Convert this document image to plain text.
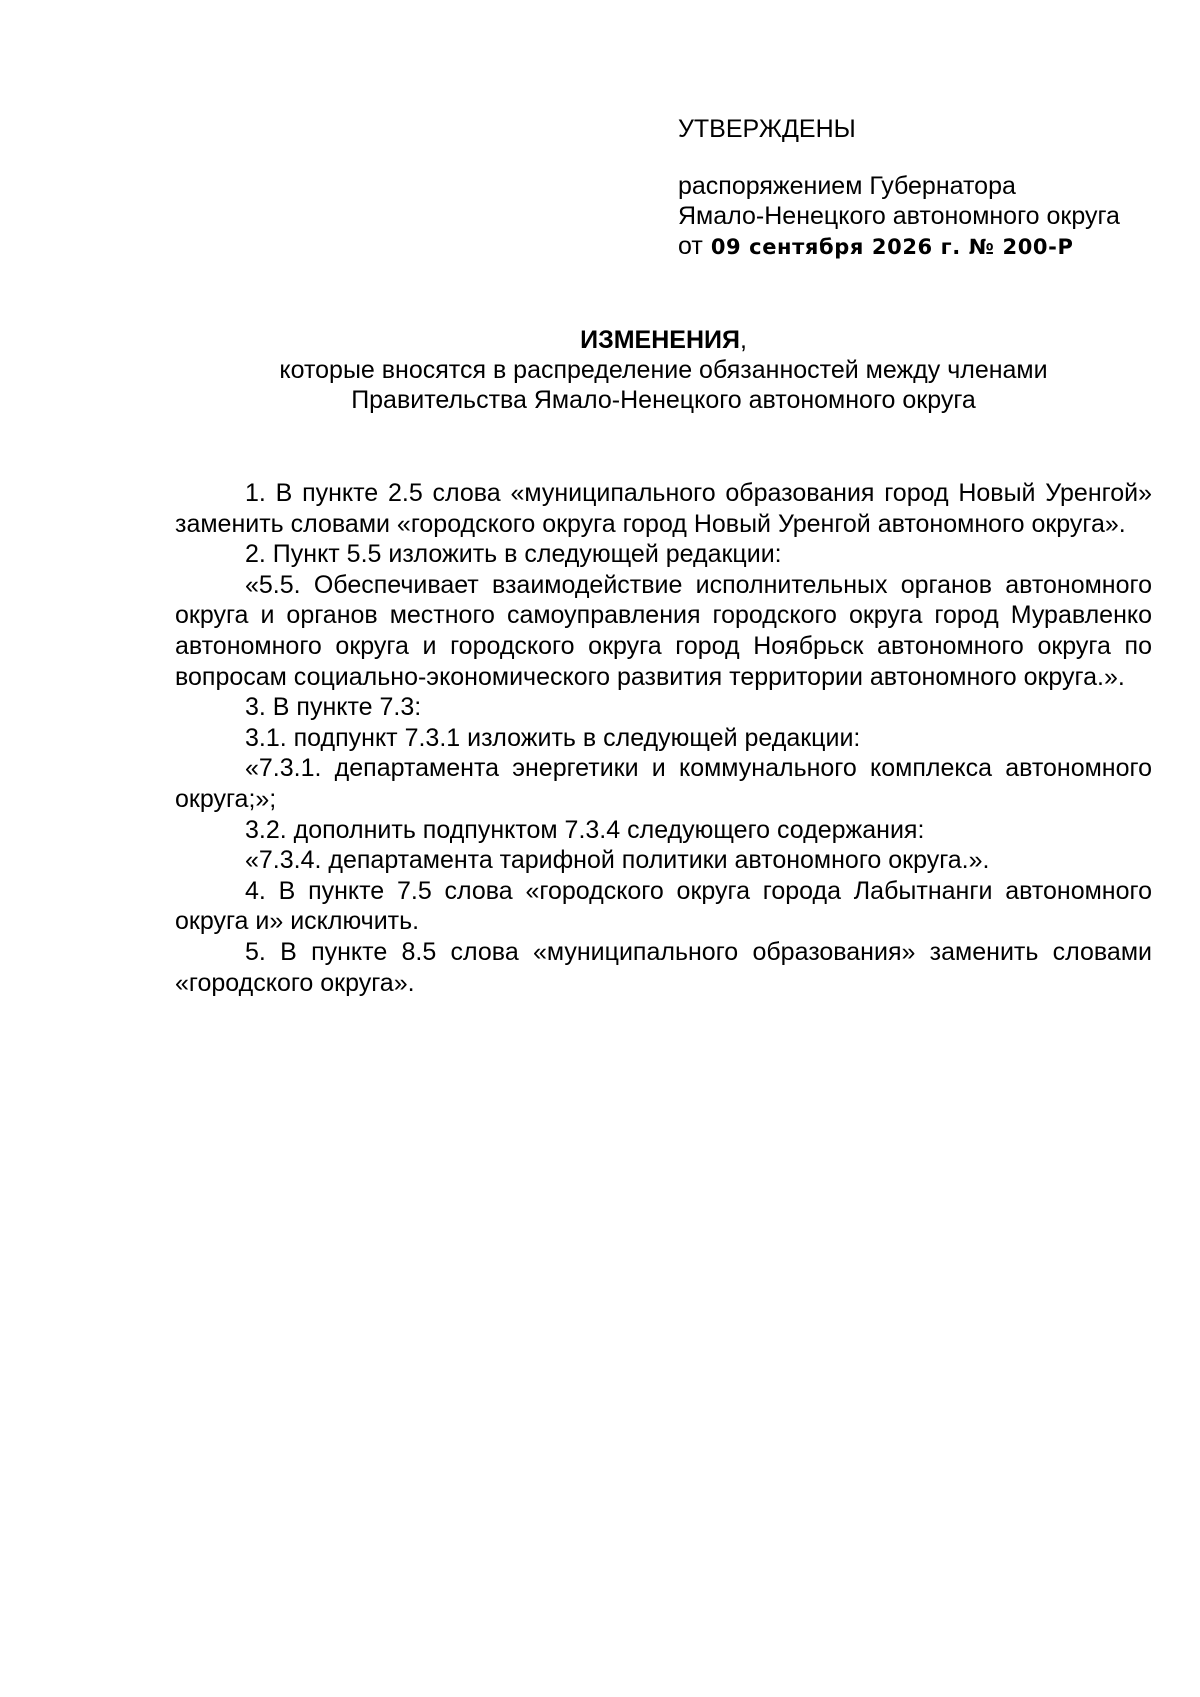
УТВЕРЖДЕНЫ
распоряжением Губернатора
Ямало-Ненецкого автономного округа
от 09 сентября 2026 г. № 200-Р
ИЗМЕНЕНИЯ,
которые вносятся в распределение обязанностей между членами
Правительства Ямало-Ненецкого автономного округа

1. В пункте 2.5 слова «муниципального образования город Новый Уренгой» заменить словами «городского округа город Новый Уренгой автономного округа».

2. Пункт 5.5 изложить в следующей редакции:

«5.5. Обеспечивает взаимодействие исполнительных органов автономного округа и органов местного самоуправления городского округа город Муравленко автономного округа и городского округа город Ноябрьск автономного округа по вопросам социально-экономического развития территории автономного округа.».

3. В пункте 7.3:

3.1. подпункт 7.3.1 изложить в следующей редакции:

«7.3.1. департамента энергетики и коммунального комплекса автономного округа;»;

3.2. дополнить подпунктом 7.3.4 следующего содержания:

«7.3.4. департамента тарифной политики автономного округа.».

4. В пункте 7.5 слова «городского округа города Лабытнанги автономного округа и» исключить.

5. В пункте 8.5 слова «муниципального образования» заменить словами «городского округа».
